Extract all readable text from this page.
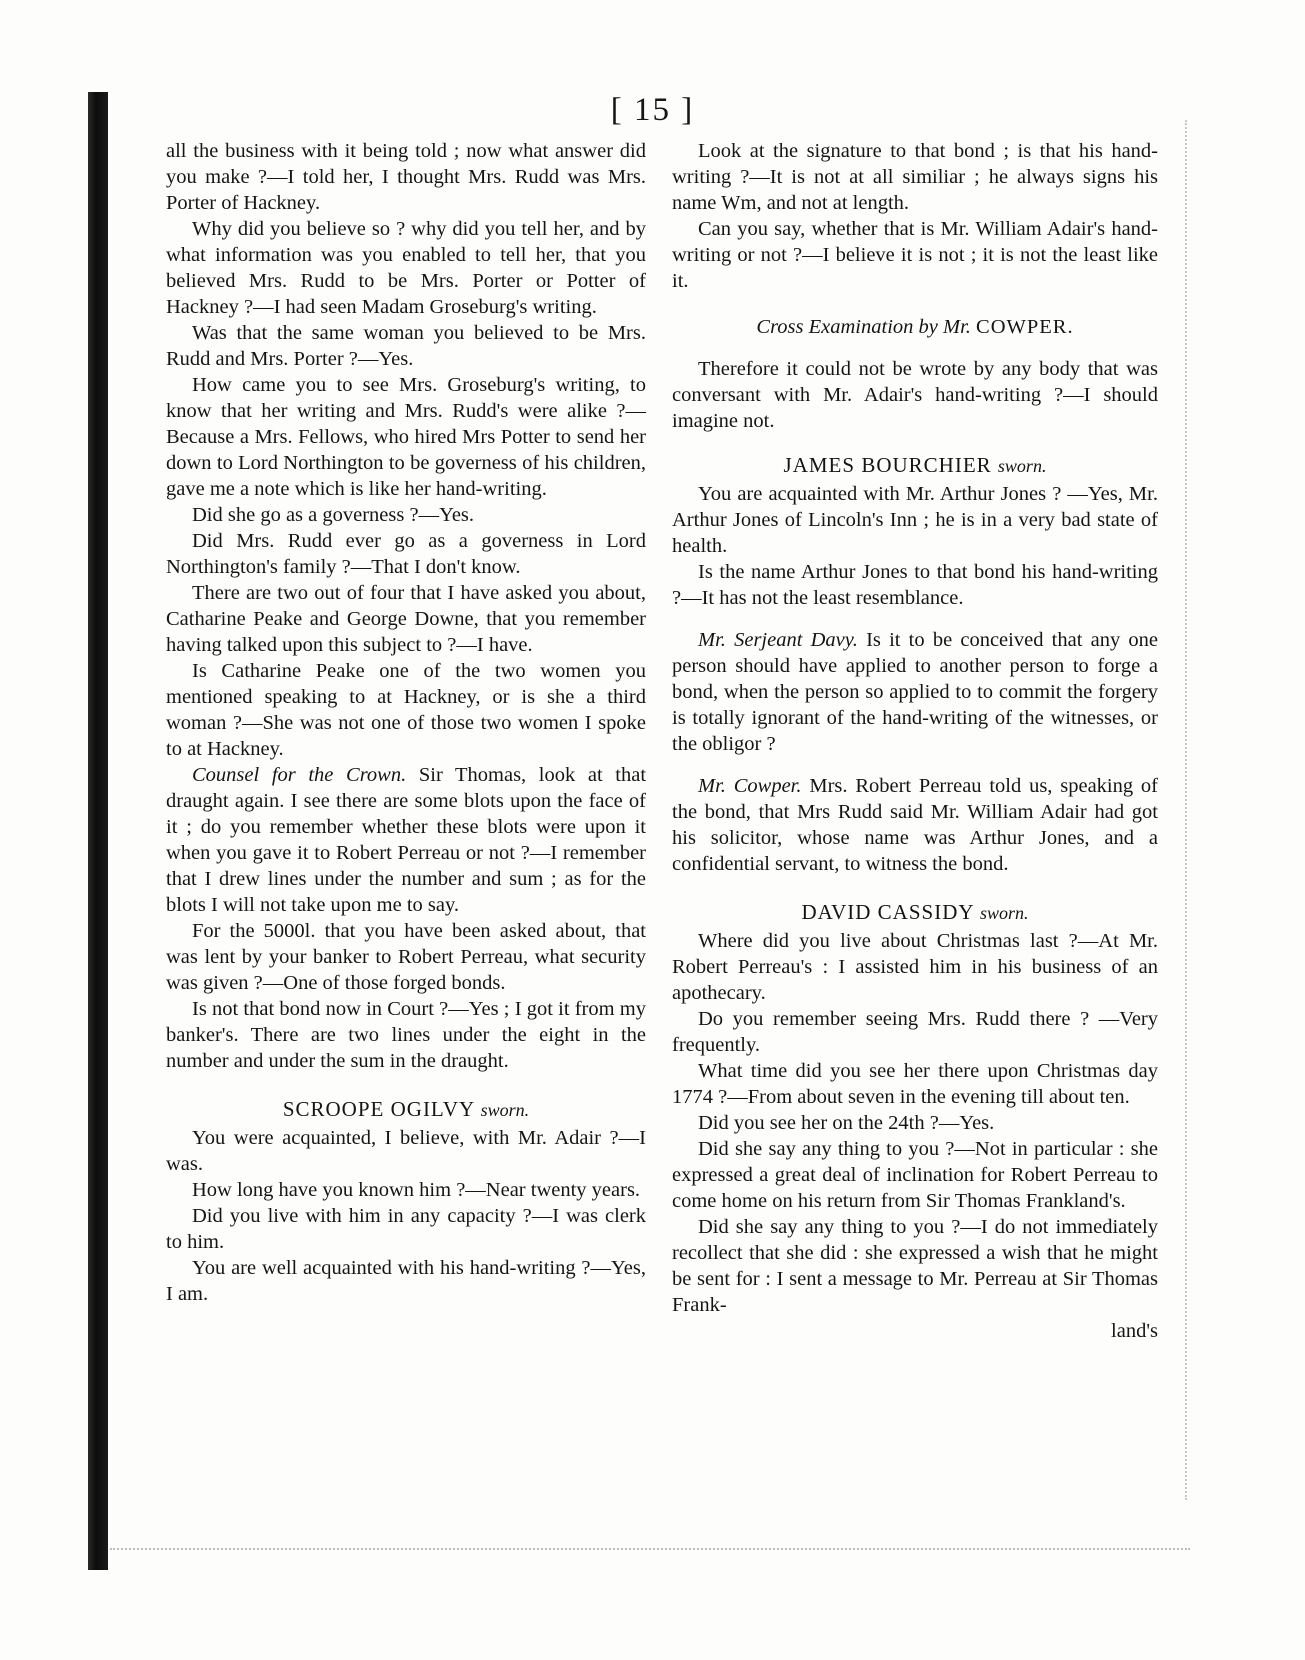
[ 15 ]

all the business with it being told ; now what answer did you make ?—I told her, I thought Mrs. Rudd was Mrs. Porter of Hackney.

Why did you believe so ? why did you tell her, and by what information was you enabled to tell her, that you believed Mrs. Rudd to be Mrs. Porter or Potter of Hackney ?—I had seen Madam Groseburg's writing.

Was that the same woman you believed to be Mrs. Rudd and Mrs. Porter ?—Yes.

How came you to see Mrs. Groseburg's writing, to know that her writing and Mrs. Rudd's were alike ?—Because a Mrs. Fellows, who hired Mrs Potter to send her down to Lord Northington to be governess of his children, gave me a note which is like her hand-writing.

Did she go as a governess ?—Yes.

Did Mrs. Rudd ever go as a governess in Lord Northington's family ?—That I don't know.

There are two out of four that I have asked you about, Catharine Peake and George Downe, that you remember having talked upon this subject to ?—I have.

Is Catharine Peake one of the two women you mentioned speaking to at Hackney, or is she a third woman ?—She was not one of those two women I spoke to at Hackney.

Counsel for the Crown. Sir Thomas, look at that draught again. I see there are some blots upon the face of it ; do you remember whether these blots were upon it when you gave it to Robert Perreau or not ?—I remember that I drew lines under the number and sum ; as for the blots I will not take upon me to say.

For the 5000l. that you have been asked about, that was lent by your banker to Robert Perreau, what security was given ?—One of those forged bonds.

Is not that bond now in Court ?—Yes ; I got it from my banker's. There are two lines under the eight in the number and under the sum in the draught.

SCROOPE OGILVY sworn.

You were acquainted, I believe, with Mr. Adair ?—I was.

How long have you known him ?—Near twenty years.

Did you live with him in any capacity ?—I was clerk to him.

You are well acquainted with his hand-writing ?—Yes, I am.

Look at the signature to that bond ; is that his hand-writing ?—It is not at all similiar ; he always signs his name Wm, and not at length.

Can you say, whether that is Mr. William Adair's hand-writing or not ?—I believe it is not ; it is not the least like it.

Cross Examination by Mr. COWPER.

Therefore it could not be wrote by any body that was conversant with Mr. Adair's hand-writing ?—I should imagine not.

JAMES BOURCHIER sworn.

You are acquainted with Mr. Arthur Jones ? —Yes, Mr. Arthur Jones of Lincoln's Inn ; he is in a very bad state of health.

Is the name Arthur Jones to that bond his hand-writing ?—It has not the least resemblance.

Mr. Serjeant Davy. Is it to be conceived that any one person should have applied to another person to forge a bond, when the person so applied to to commit the forgery is totally ignorant of the hand-writing of the witnesses, or the obligor ?

Mr. Cowper. Mrs. Robert Perreau told us, speaking of the bond, that Mrs Rudd said Mr. William Adair had got his solicitor, whose name was Arthur Jones, and a confidential servant, to witness the bond.

DAVID CASSIDY sworn.

Where did you live about Christmas last ?—At Mr. Robert Perreau's : I assisted him in his business of an apothecary.

Do you remember seeing Mrs. Rudd there ? —Very frequently.

What time did you see her there upon Christmas day 1774 ?—From about seven in the evening till about ten.

Did you see her on the 24th ?—Yes.

Did she say any thing to you ?—Not in particular : she expressed a great deal of inclination for Robert Perreau to come home on his return from Sir Thomas Frankland's.

Did she say any thing to you ?—I do not immediately recollect that she did : she expressed a wish that he might be sent for : I sent a message to Mr. Perreau at Sir Thomas Frank-

land's
